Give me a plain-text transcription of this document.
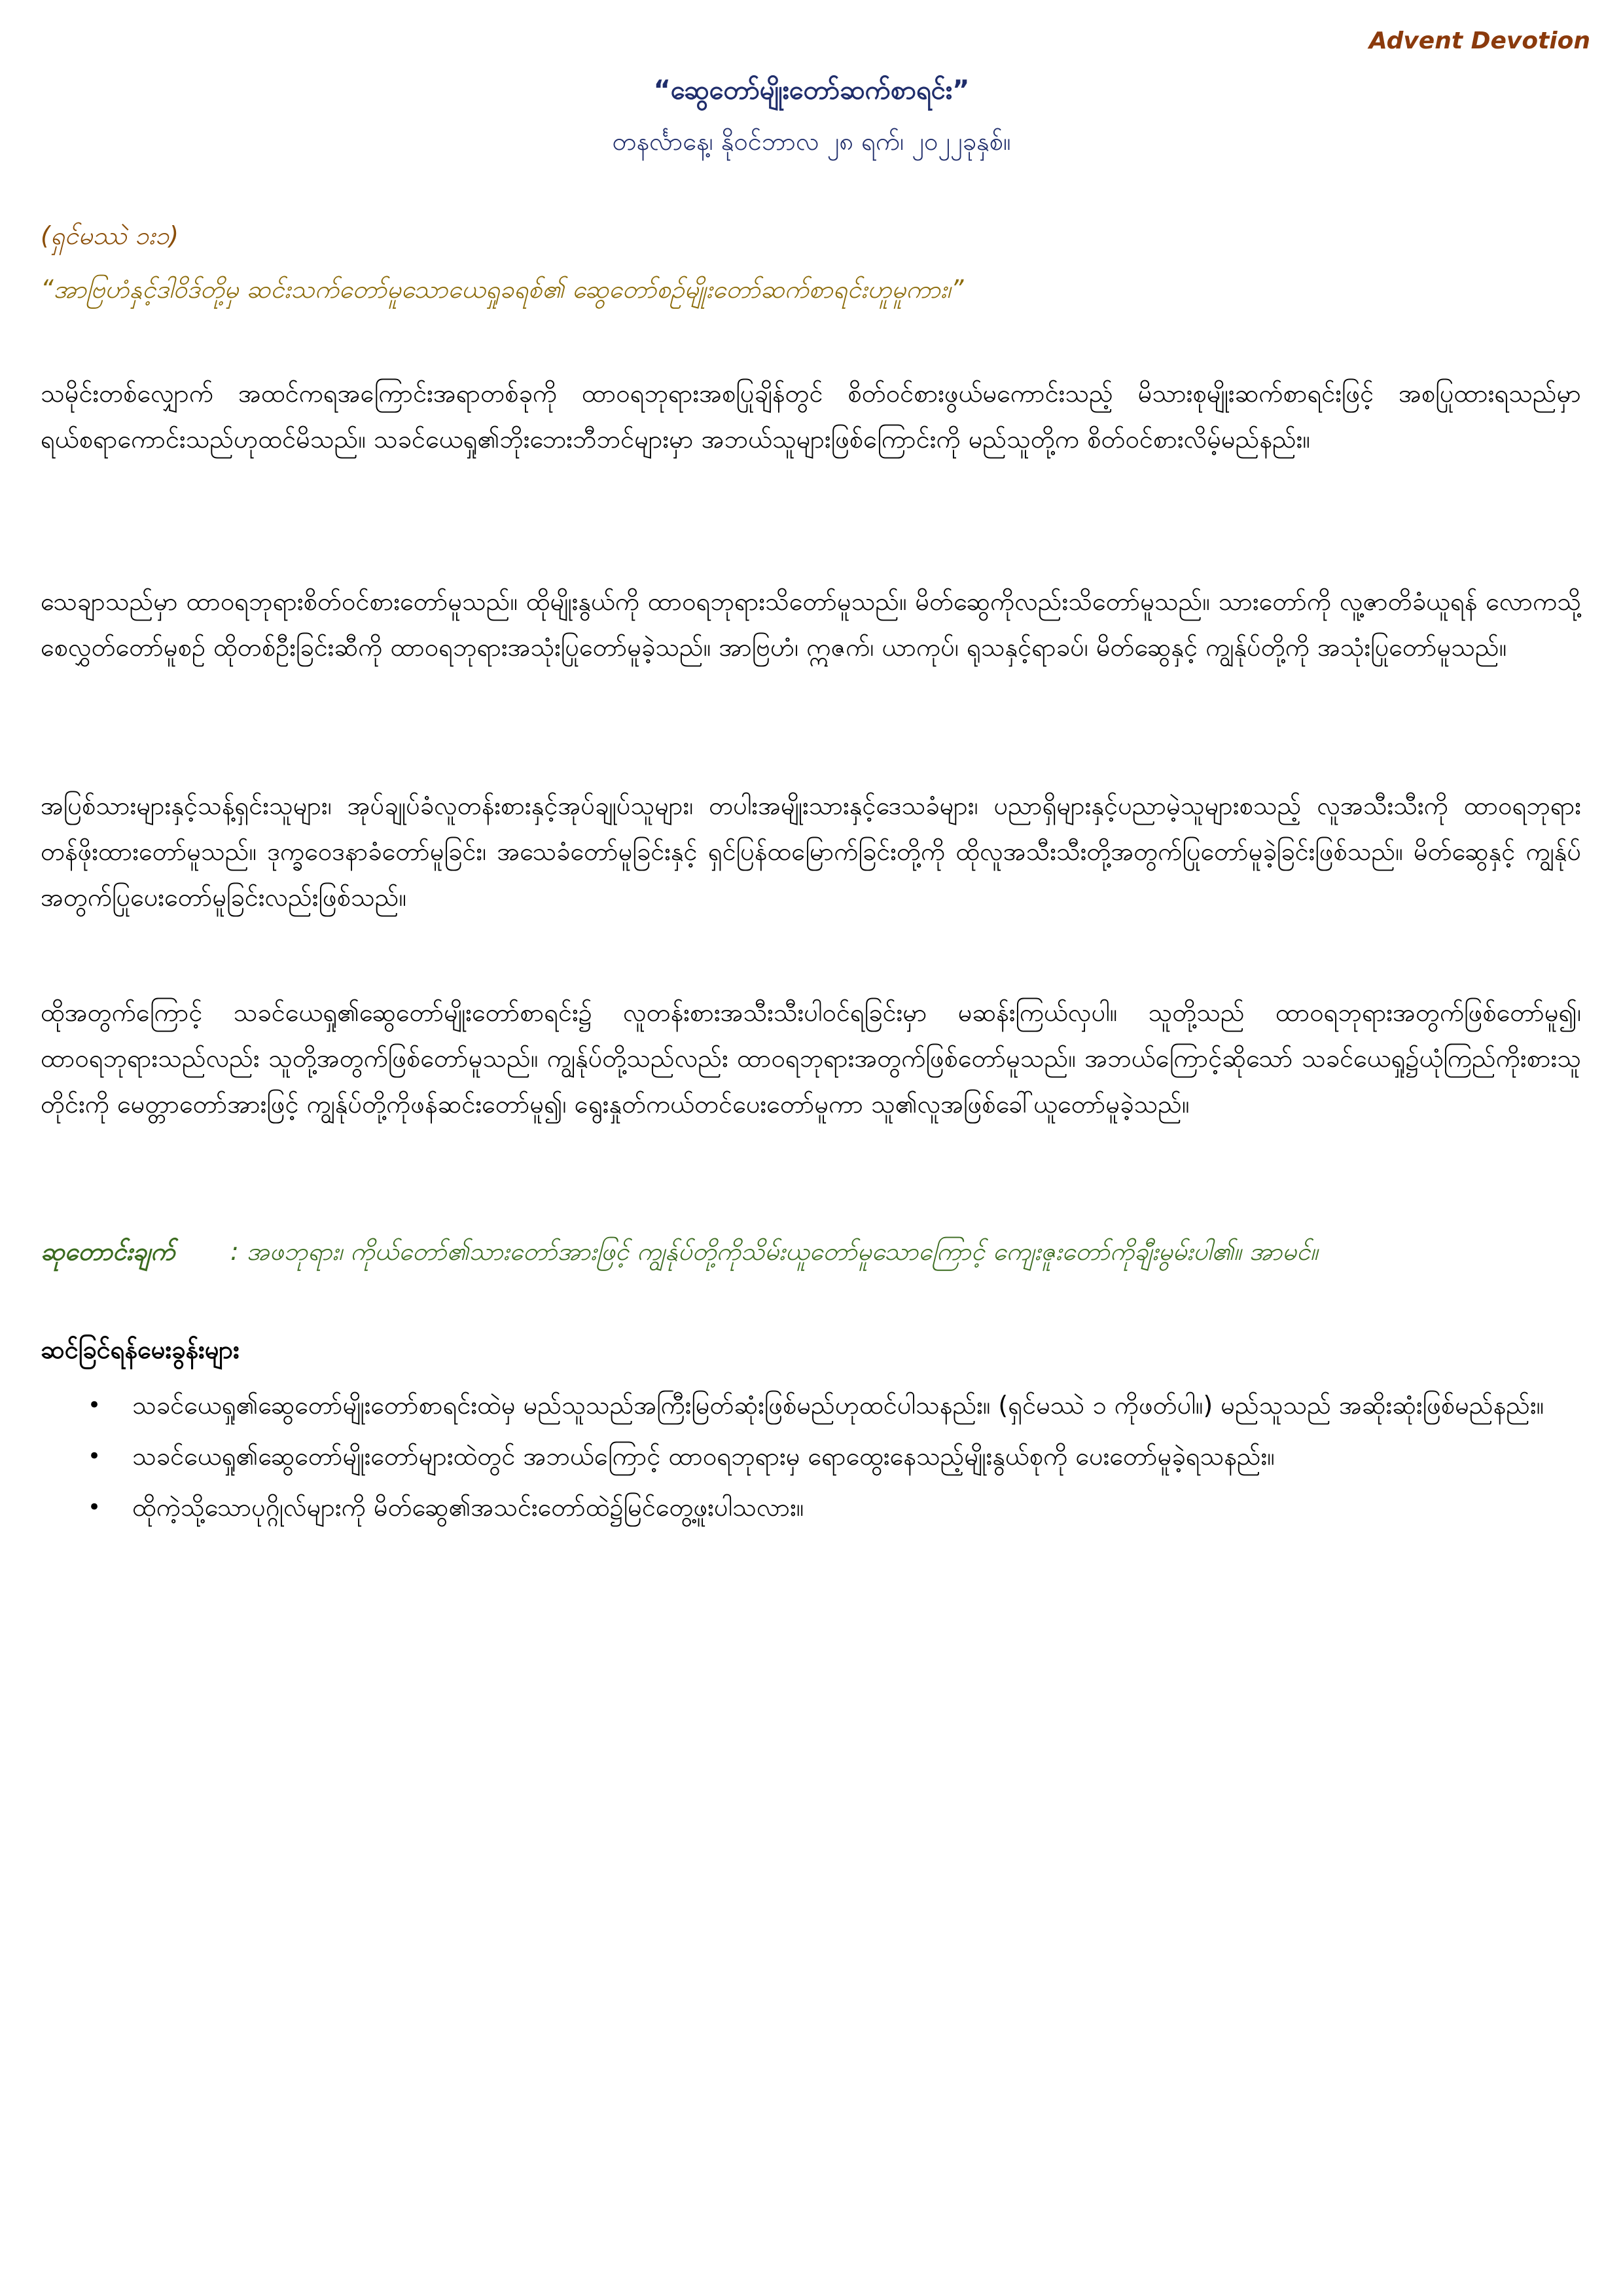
Advent Devotion
“ဆွေတော်မျိုးတော်ဆက်စာရင်း”
တနင်္လာနေ့၊ နိုဝင်ဘာလ ၂၈ ရက်၊ ၂၀၂၂ခုနှစ်။
(ရှင်မဿဲ ၁း၁)
“အာဗြဟံနှင့်ဒါဝိဒ်တို့မှ ဆင်းသက်တော်မူသောယေရှုခရစ်၏ ဆွေတော်စဉ်မျိုးတော်ဆက်စာရင်းဟူမူကား၊”
သမိုင်းတစ်လျှောက် အထင်ကရအကြောင်းအရာတစ်ခုကို ထာဝရဘုရားအစပြုချိန်တွင် စိတ်ဝင်စားဖွယ်မကောင်းသည့် မိသားစုမျိုးဆက်စာရင်းဖြင့် အစပြုထားရသည်မှာ ရယ်စရာကောင်းသည်ဟုထင်မိသည်။ သခင်ယေရှု၏ဘိုးဘေးဘီဘင်များမှာ အဘယ်သူများဖြစ်ကြောင်းကို မည်သူတို့က စိတ်ဝင်စားလိမ့်မည်နည်း။
သေချာသည်မှာ ထာဝရဘုရားစိတ်ဝင်စားတော်မူသည်။ ထိုမျိုးနွယ်ကို ထာဝရဘုရားသိတော်မူသည်။ မိတ်ဆွေကိုလည်းသိတော်မူသည်။ သားတော်ကို လူ့ဇာတိခံယူရန် လောကသို့စေလွှတ်တော်မူစဉ် ထိုတစ်ဦးခြင်းဆီကို ထာဝရဘုရားအသုံးပြုတော်မူခဲ့သည်။ အာဗြဟံ၊ ဣဇက်၊ ယာကုပ်၊ ရုသနှင့်ရာခပ်၊ မိတ်ဆွေနှင့် ကျွန်ုပ်တို့ကို အသုံးပြုတော်မူသည်။
အပြစ်သားများနှင့်သန့်ရှင်းသူများ၊ အုပ်ချုပ်ခံလူတန်းစားနှင့်အုပ်ချုပ်သူများ၊ တပါးအမျိုးသားနှင့်ဒေသခံများ၊ ပညာရှိများနှင့်ပညာမဲ့သူများစသည့် လူအသီးသီးကို ထာဝရဘုရားတန်ဖိုးထားတော်မူသည်။ ဒုက္ခဝေဒနာခံတော်မူခြင်း၊ အသေခံတော်မူခြင်းနှင့် ရှင်ပြန်ထမြောက်ခြင်းတို့ကို ထိုလူအသီးသီးတို့အတွက်ပြုတော်မူခဲ့ခြင်းဖြစ်သည်။ မိတ်ဆွေနှင့် ကျွန်ုပ်အတွက်ပြုပေးတော်မူခြင်းလည်းဖြစ်သည်။
ထိုအတွက်ကြောင့် သခင်ယေရှု၏ဆွေတော်မျိုးတော်စာရင်း၌ လူတန်းစားအသီးသီးပါဝင်ရခြင်းမှာ မဆန်းကြယ်လှပါ။ သူတို့သည် ထာဝရဘုရားအတွက်ဖြစ်တော်မူ၍၊ ထာဝရဘုရားသည်လည်း သူတို့အတွက်ဖြစ်တော်မူသည်။ ကျွန်ုပ်တို့သည်လည်း ထာဝရဘုရားအတွက်ဖြစ်တော်မူသည်။ အဘယ်ကြောင့်ဆိုသော် သခင်ယေရှု၌ယုံကြည်ကိုးစားသူတိုင်းကို မေတ္တာတော်အားဖြင့် ကျွန်ုပ်တို့ကိုဖန်ဆင်းတော်မူ၍၊ ရွေးနှုတ်ကယ်တင်ပေးတော်မူကာ သူ၏လူအဖြစ်ခေါ်ယူတော်မူခဲ့သည်။
ဆုတောင်းချက် : အဖဘုရား၊ ကိုယ်တော်၏သားတော်အားဖြင့် ကျွန်ုပ်တို့ကိုသိမ်းယူတော်မူသောကြောင့် ကျေးဇူးတော်ကိုချီးမွမ်းပါ၏။ အာမင်။
ဆင်ခြင်ရန်မေးခွန်းများ
• သခင်ယေရှု၏ဆွေတော်မျိုးတော်စာရင်းထဲမှ မည်သူသည်အကြီးမြတ်ဆုံးဖြစ်မည်ဟုထင်ပါသနည်း။ (ရှင်မဿဲ ၁ ကိုဖတ်ပါ။) မည်သူသည် အဆိုးဆုံးဖြစ်မည်နည်း။
• သခင်ယေရှု၏ဆွေတော်မျိုးတော်များထဲတွင် အဘယ်ကြောင့် ထာဝရဘုရားမှ ရောထွေးနေသည့်မျိုးနွယ်စုကို ပေးတော်မူခဲ့ရသနည်း။
• ထိုကဲ့သို့သောပုဂ္ဂိုလ်များကို မိတ်ဆွေ၏အသင်းတော်ထဲ၌မြင်တွေ့ဖူးပါသလား။
